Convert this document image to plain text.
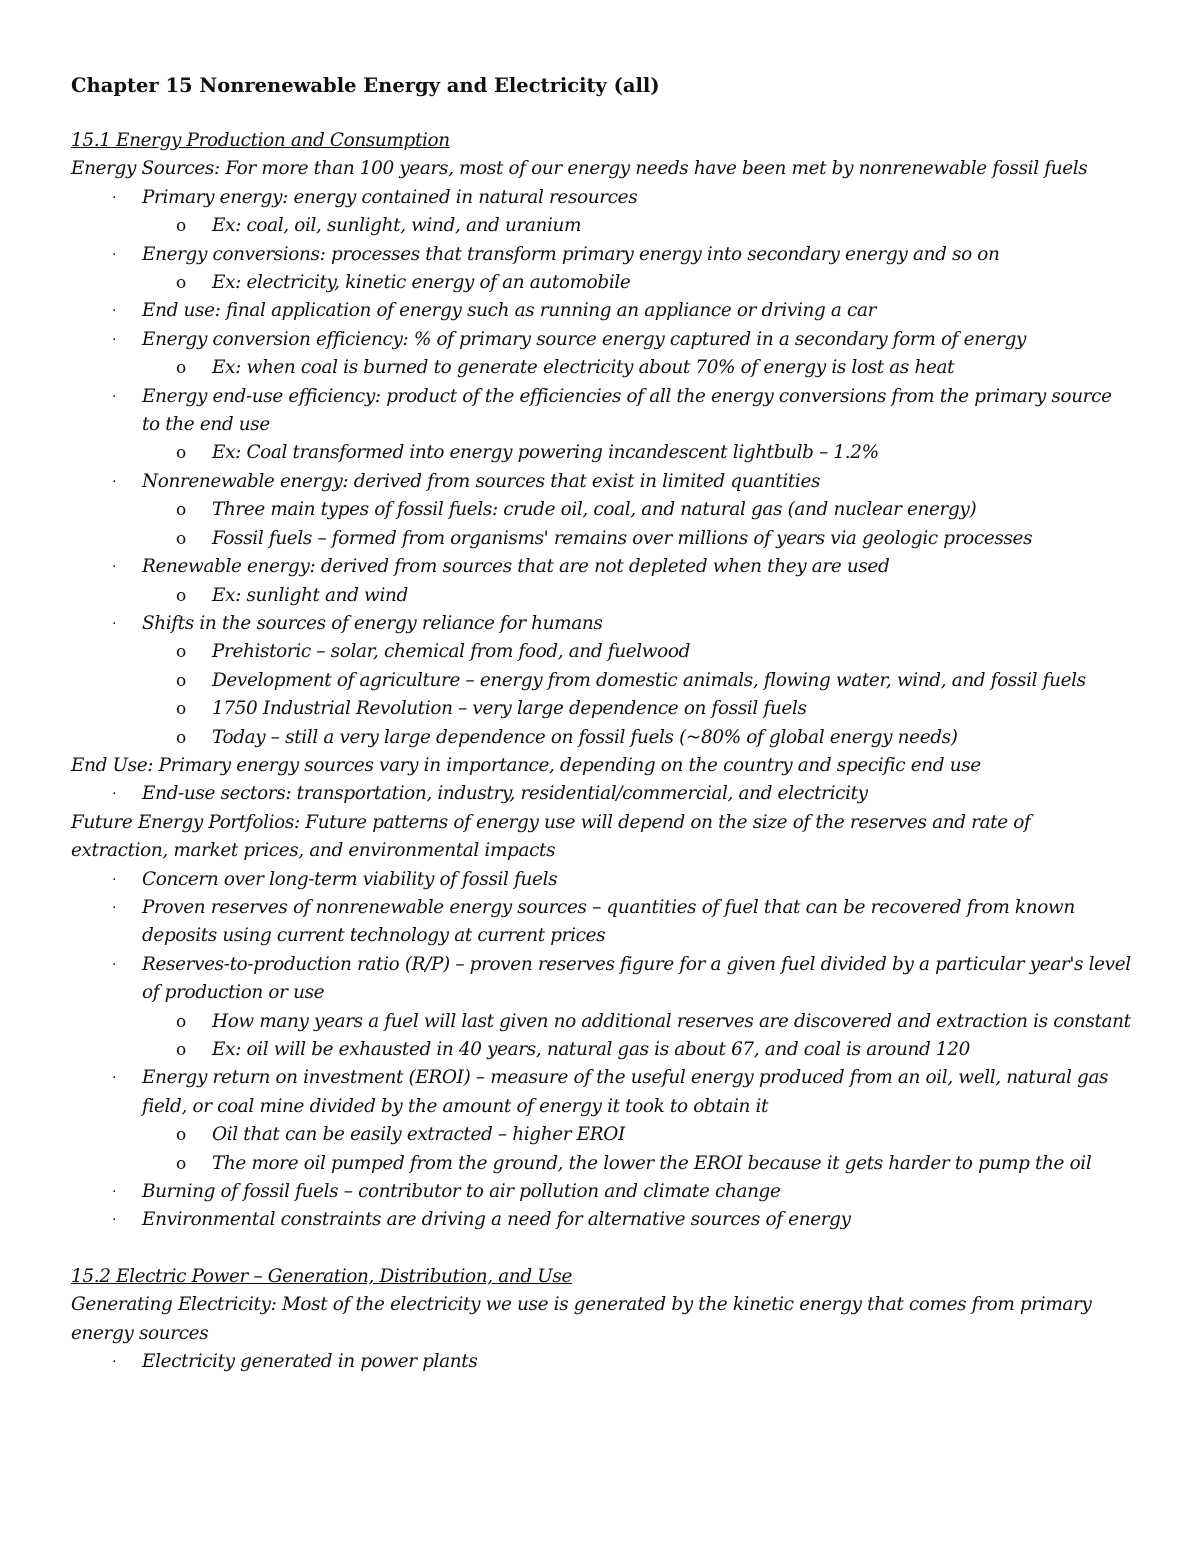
Chapter 15 Nonrenewable Energy and Electricity (all)
15.1 Energy Production and Consumption
Energy Sources: For more than 100 years, most of our energy needs have been met by nonrenewable fossil fuels
· Primary energy: energy contained in natural resources
o Ex: coal, oil, sunlight, wind, and uranium
· Energy conversions: processes that transform primary energy into secondary energy and so on
o Ex: electricity, kinetic energy of an automobile
· End use: final application of energy such as running an appliance or driving a car
· Energy conversion efficiency: % of primary source energy captured in a secondary form of energy
o Ex: when coal is burned to generate electricity about 70% of energy is lost as heat
· Energy end-use efficiency: product of the efficiencies of all the energy conversions from the primary source to the end use
o Ex: Coal transformed into energy powering incandescent lightbulb – 1.2%
· Nonrenewable energy: derived from sources that exist in limited quantities
o Three main types of fossil fuels: crude oil, coal, and natural gas (and nuclear energy)
o Fossil fuels – formed from organisms' remains over millions of years via geologic processes
· Renewable energy: derived from sources that are not depleted when they are used
o Ex: sunlight and wind
· Shifts in the sources of energy reliance for humans
o Prehistoric – solar, chemical from food, and fuelwood
o Development of agriculture – energy from domestic animals, flowing water, wind, and fossil fuels
o 1750 Industrial Revolution – very large dependence on fossil fuels
o Today – still a very large dependence on fossil fuels (~80% of global energy needs)
End Use: Primary energy sources vary in importance, depending on the country and specific end use
· End-use sectors: transportation, industry, residential/commercial, and electricity
Future Energy Portfolios: Future patterns of energy use will depend on the size of the reserves and rate of extraction, market prices, and environmental impacts
· Concern over long-term viability of fossil fuels
· Proven reserves of nonrenewable energy sources – quantities of fuel that can be recovered from known deposits using current technology at current prices
· Reserves-to-production ratio (R/P) – proven reserves figure for a given fuel divided by a particular year's level of production or use
o How many years a fuel will last given no additional reserves are discovered and extraction is constant
o Ex: oil will be exhausted in 40 years, natural gas is about 67, and coal is around 120
· Energy return on investment (EROI) – measure of the useful energy produced from an oil, well, natural gas field, or coal mine divided by the amount of energy it took to obtain it
o Oil that can be easily extracted – higher EROI
o The more oil pumped from the ground, the lower the EROI because it gets harder to pump the oil
· Burning of fossil fuels – contributor to air pollution and climate change
· Environmental constraints are driving a need for alternative sources of energy
15.2 Electric Power – Generation, Distribution, and Use
Generating Electricity: Most of the electricity we use is generated by the kinetic energy that comes from primary energy sources
· Electricity generated in power plants
